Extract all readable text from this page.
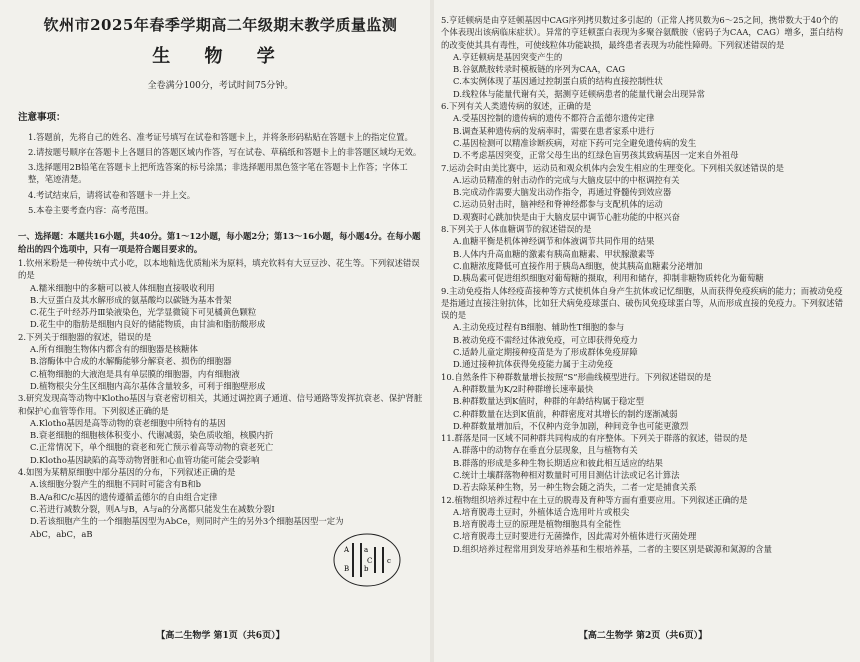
钦州市2025年春季学期高二年级期末教学质量监测
生 物 学
全卷满分100分，考试时间75分钟。
注意事项：
1.答题前，先将自己的姓名、准考证号填写在试卷和答题卡上，并将条形码粘贴在答题卡上的指定位置。
2.请按题号顺序在答题卡上各题目的答题区域内作答，写在试卷、草稿纸和答题卡上的非答题区域均无效。
3.选择题用2B铅笔在答题卡上把所选答案的标号涂黑；非选择题用黑色签字笔在答题卡上作答；字体工整，笔迹清楚。
4.考试结束后，请将试卷和答题卡一并上交。
5.本卷主要考查内容：高考范围。
一、选择题：本题共16小题，共40分。第1～12小题，每小题2分；第13～16小题，每小题4分。在每小题给出的四个选项中，只有一项是符合题目要求的。
1.钦州米粉是一种传统中式小吃，以本地籼选优质籼米为原料，填充钦料有大豆豆沙、花生等。下列叙述错误的是
A.糯米细胞中的多糖可以被人体细胞直接吸收利用
B.大豆蛋白及其水解形成的氨基酸均以碳链为基本骨架
C.花生子叶经苏丹Ⅲ染液染色，光学显微镜下可见橘黄色颗粒
D.花生中的脂肪是细胞内良好的储能物质，由甘油和脂肪酸形成
2.下列关于细胞器的叙述，错误的是
A.所有细胞生物体内都含有的细胞器是核糖体
B.溶酶体中合成的水解酶能够分解衰老、损伤的细胞器
C.植物细胞的大液泡是具有单层膜的细胞器，内有细胞液
D.植物根尖分生区细胞内高尔基体含量较多，可利于细胞壁形成
3.研究发现高等动物中Klotho基因与衰老密切相关，其通过调控离子通道、信号通路等发挥抗衰老、保护肾脏和保护心血管等作用。下列叙述正确的是
A.Klotho基因是高等动物的衰老细胞中所特有的基因
B.衰老细胞的细胞核体积变小、代谢减弱，染色质收缩，核膜内折
C.正常情况下，单个细胞的衰老和死亡预示着高等动物的衰老死亡
D.Klotho基因缺陷的高等动物肾脏和心血管功能可能会受影响
4.如图为某精原细胞中部分基因的分布，下列叙述正确的是
A.该细胞分裂产生的细胞不同时可能含有B和b
B.A/a和C/c基因的遗传遵循孟德尔的自由组合定律
C.若进行减数分裂，则A与B，A与a的分离都只能发生在减数分裂Ⅰ
D.若该细胞产生的一个细胞基因型为AbCe，则同时产生的另外3个细胞基因型一定为AbC，abC，aB
A a
B b
C c
5.亨廷顿病是由亨廷顿基因中CAG序列拷贝数过多引起的（正常人拷贝数为6～25之间，携带数大于40个的个体表现出该病临床症状）。异常的亨廷顿蛋白表现为多聚谷氨酰胺（密码子为CAA，CAG）增多，蛋白结构的改变使其具有毒性，可使线粒体功能缺损，最终患者表现为功能性障碍。下列叙述错误的是
A.亨廷顿病是基因突变产生的
B.谷氨酰胺转录时模板链的序列为CAA，CAG
C.本实例体现了基因通过控制蛋白质的结构直接控制性状
D.线粒体与能量代谢有关，据测亨廷顿病患者的能量代谢会出现异常
6.下列有关人类遗传病的叙述，正确的是
A.受基因控制的遗传病的遗传不都符合孟德尔遗传定律
B.调查某种遗传病的发病率时，需要在患者家系中进行
C.基因检测可以精准诊断疾病，对症下药可完全避免遗传病的发生
D.不考虑基因突变，正常父母生出的红绿色盲男孩其致病基因一定来自外祖母
7.运动会时由美比赛中，运动员和观众机体内会发生相应的生理变化。下列相关叙述错误的是
A.运动员精准的射击动作的完成与大脑皮层中的中枢调控有关
B.完成动作需要大脑发出动作指令，再通过脊髓传到效应器
C.运动员射击时，脑神经和脊神经都参与支配机体的运动
D.观赛时心跳加快是由于大脑皮层中调节心脏功能的中枢兴奋
8.下列关于人体血糖调节的叙述错误的是
A.血糖平衡是机体神经调节和体液调节共同作用的结果
B.人体内升高血糖的激素有胰高血糖素、甲状腺激素等
C.血糖浓度降低可直接作用于胰岛A细胞，使其胰高血糖素分泌增加
D.胰岛素可促进组织细胞对葡萄糖的摄取，利用和储存，抑制非糖物质转化为葡萄糖
9.主动免疫指人体经疫苗接种等方式使机体自身产生抗体或记忆细胞，从而获得免疫疾病的能力；而被动免疫是指通过直接注射抗体，比如狂犬病免疫球蛋白、破伤风免疫球蛋白等，从而形成直接的免疫力。下列叙述错误的是
A.主动免疫过程有B细胞、辅助性T细胞的参与
B.被动免疫不需经过体液免疫，可立即获得免疫力
C.适龄儿童定期接种疫苗是为了形成群体免疫屏障
D.通过接种抗体获得免疫能力属于主动免疫
10.自然条件下种群数量增长按照“S”形曲线模型进行。下列叙述错误的是
A.种群数量为K/2时种群增长速率最快
B.种群数量达到K值时，种群的年龄结构属于稳定型
C.种群数量在达到K值前，种群密度对其增长的制约逐渐减弱
D.种群数量增加后，不仅种内竞争加剧，种间竞争也可能更激烈
11.群落是同一区域不同种群共同构成的有序整体。下列关于群落的叙述，错误的是
A.群落中的动物存在垂直分层现象，且与植物有关
B.群落的形成是多种生物长期适应和彼此相互适应的结果
C.统计土壤群落物种相对数量时可用目测估计法或记名计算法
D.若去除某种生物，另一种生物会随之消失，二者一定是捕食关系
12.植物组织培养过程中在土豆的脱毒及育种等方面有重要应用。下列叙述正确的是
A.培育脱毒土豆时，外植体适合选用叶片或根尖
B.培育脱毒土豆的原理是植物细胞具有全能性
C.培育脱毒土豆时要进行无菌操作，因此需对外植体进行灭菌处理
D.组织培养过程常用到发芽培养基和生根培养基，二者的主要区别是碳源和氮源的含量
【高二生物学 第1页（共6页）】	【高二生物学 第2页（共6页）】
